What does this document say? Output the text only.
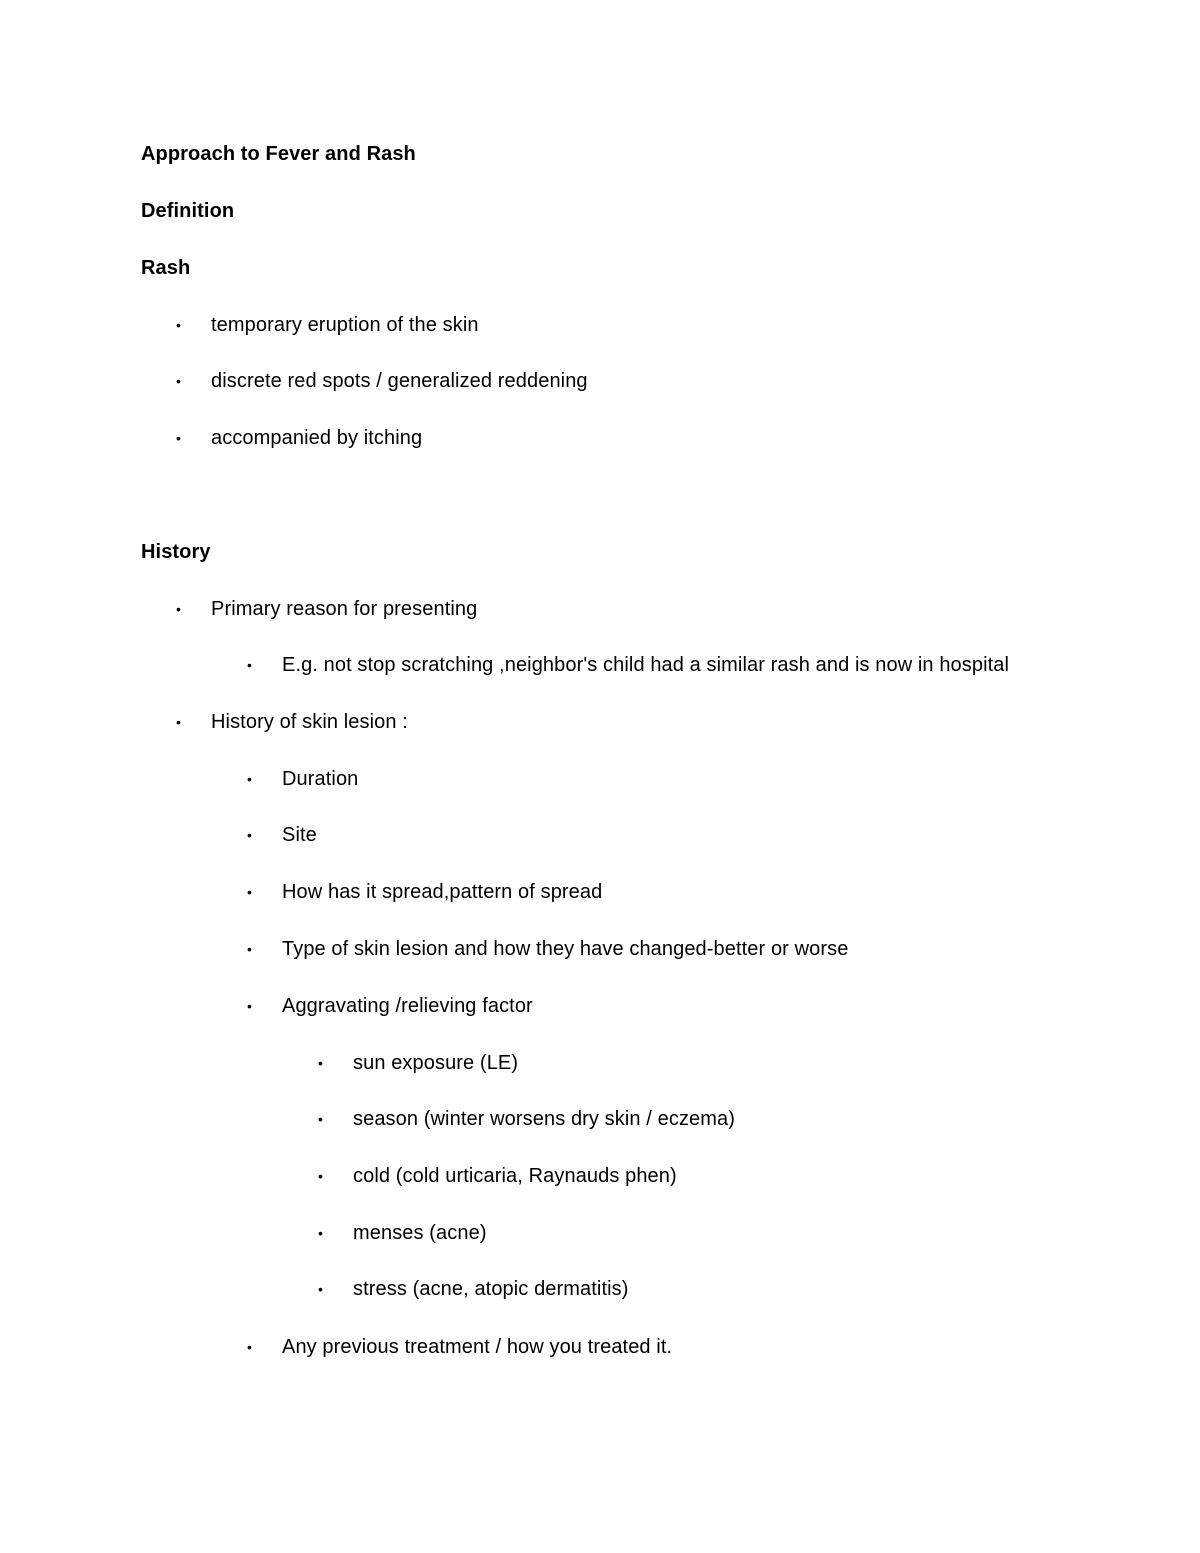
Approach to Fever and Rash
Definition
Rash
• temporary eruption of the skin
• discrete red spots / generalized reddening
• accompanied by itching
History
• Primary reason for presenting
• E.g. not stop scratching ,neighbor's child had a similar rash and is now in hospital
• History of skin lesion :
• Duration
• Site
• How has it spread,pattern of spread
• Type of skin lesion and how they have changed-better or worse
• Aggravating /relieving factor
• sun exposure (LE)
• season (winter worsens dry skin / eczema)
• cold (cold urticaria, Raynauds phen)
• menses (acne)
• stress (acne, atopic dermatitis)
• Any previous treatment / how you treated it.
